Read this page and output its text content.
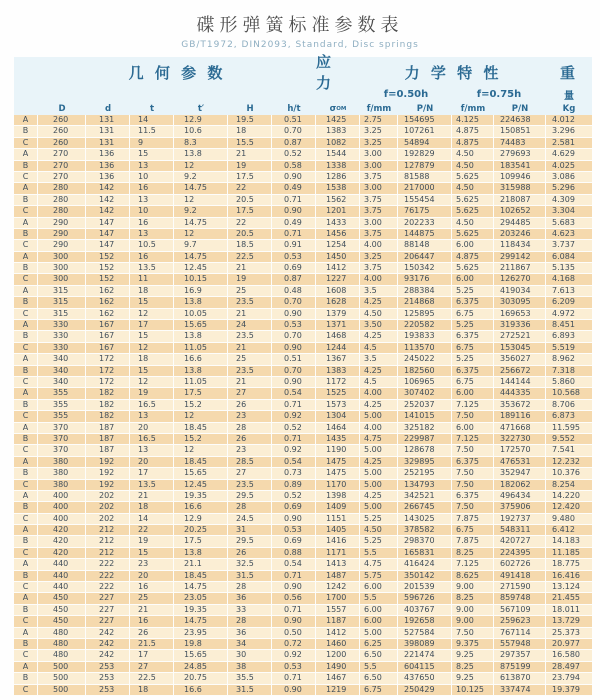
碟形弹簧标准参数表
GB/T1972, DIN2093, Standard, Disc springs
几 何 参 数
应 力
力 学 特 性	重
f=0.50h	f=0.75h	量
D	d	t	t′	H	h/t	σ OM	f/mm	P/N	f/mm	P/N	Kg
A	260	131	14	12.9	19.5	0.51	1425	2.75	154695	4.125	224638	4.012
B	260	131	11.5	10.6	18	0.70	1383	3.25	107261	4.875	150851	3.296
C	260	131	9	8.3	15.5	0.87	1082	3.25	54894	4.875	74483	2.581
A	270	136	15	13.8	21	0.52	1544	3.00	192829	4.50	279693	4.629
B	270	136	13	12	19	0.58	1338	3.00	127879	4.50	183541	4.025
C	270	136	10	9.2	17.5	0.90	1286	3.75	81588	5.625	109946	3.086
A	280	142	16	14.75	22	0.49	1538	3.00	217000	4.50	315988	5.296
B	280	142	13	12	20.5	0.71	1562	3.75	155454	5.625	218087	4.309
C	280	142	10	9.2	17.5	0.90	1201	3.75	76175	5.625	102652	3.304
A	290	147	16	14.75	22	0.49	1433	3.00	202233	4.50	294485	5.683
B	290	147	13	12	20.5	0.71	1456	3.75	144875	5.625	203246	4.623
C	290	147	10.5	9.7	18.5	0.91	1254	4.00	88148	6.00	118434	3.737
A	300	152	16	14.75	22.5	0.53	1450	3.25	206447	4.875	299142	6.084
B	300	152	13.5	12.45	21	0.69	1412	3.75	150342	5.625	211867	5.135
C	300	152	11	10.15	19	0.87	1227	4.00	93176	6.00	126270	4.168
A	315	162	18	16.9	25	0.48	1608	3.5	288384	5.25	419034	7.613
B	315	162	15	13.8	23.5	0.70	1628	4.25	214868	6.375	303095	6.209
C	315	162	12	10.05	21	0.90	1379	4.50	125895	6.75	169653	4.972
A	330	167	17	15.65	24	0.53	1371	3.50	220582	5.25	319336	8.451
B	330	167	15	13.8	23.5	0.70	1468	4.25	193833	6.375	272521	6.893
C	330	167	12	11.05	21	0.90	1244	4.5	113570	6.75	153045	5.519
A	340	172	18	16.6	25	0.51	1367	3.5	245022	5.25	356027	8.962
B	340	172	15	13.8	23.5	0.70	1383	4.25	182560	6.375	256672	7.318
C	340	172	12	11.05	21	0.90	1172	4.5	106965	6.75	144144	5.860
A	355	182	19	17.5	27	0.54	1525	4.00	307402	6.00	444335	10.568
B	355	182	16.5	15.2	26	0.71	1573	4.25	252037	7.125	353672	8.706
C	355	182	13	12	23	0.92	1304	5.00	141015	7.50	189116	6.873
A	370	187	20	18.45	28	0.52	1464	4.00	325182	6.00	471668	11.595
B	370	187	16.5	15.2	26	0.71	1435	4.75	229987	7.125	322730	9.552
C	370	187	13	12	23	0.92	1190	5.00	128678	7.50	172570	7.541
A	380	192	20	18.45	28.5	0.54	1475	4.25	329895	6.375	476531	12.232
B	380	192	17	15.65	27	0.73	1475	5.00	252195	7.50	352947	10.376
C	380	192	13.5	12.45	23.5	0.89	1170	5.00	134793	7.50	182062	8.254
A	400	202	21	19.35	29.5	0.52	1398	4.25	342521	6.375	496434	14.220
B	400	202	18	16.6	28	0.69	1409	5.00	266745	7.50	375906	12.420
C	400	202	14	12.9	24.5	0.90	1151	5.25	143025	7.875	192737	9.480
A	420	212	22	20.25	31	0.53	1405	4.50	378582	6.75	548311	6.412
B	420	212	19	17.5	29.5	0.69	1416	5.25	298370	7.875	420727	14.183
C	420	212	15	13.8	26	0.88	1171	5.5	165831	8.25	224395	11.185
A	440	222	23	21.1	32.5	0.54	1413	4.75	416424	7.125	602726	18.775
B	440	222	20	18.45	31.5	0.71	1487	5.75	350142	8.625	491418	16.416
C	440	222	16	14.75	28	0.90	1242	6.00	201539	9.00	271590	13.124
A	450	227	25	23.05	36	0.56	1700	5.5	596726	8.25	859748	21.455
B	450	227	21	19.35	33	0.71	1557	6.00	403767	9.00	567109	18.011
C	450	227	16	14.75	28	0.90	1187	6.00	192658	9.00	259623	13.729
A	480	242	26	23.95	36	0.50	1412	5.00	527584	7.50	767114	25.373
B	480	242	21.5	19.8	34	0.72	1460	6.25	398089	9.375	557948	20.977
C	480	242	17	15.65	30	0.92	1200	6.50	221474	9.25	297357	16.580
A	500	253	27	24.85	38	0.53	1490	5.5	604115	8.25	875199	28.497
B	500	253	22.5	20.75	35.5	0.71	1467	6.50	437650	9.25	613870	23.794
C	500	253	18	16.6	31.5	0.90	1219	6.75	250429	10.125	337474	19.379
